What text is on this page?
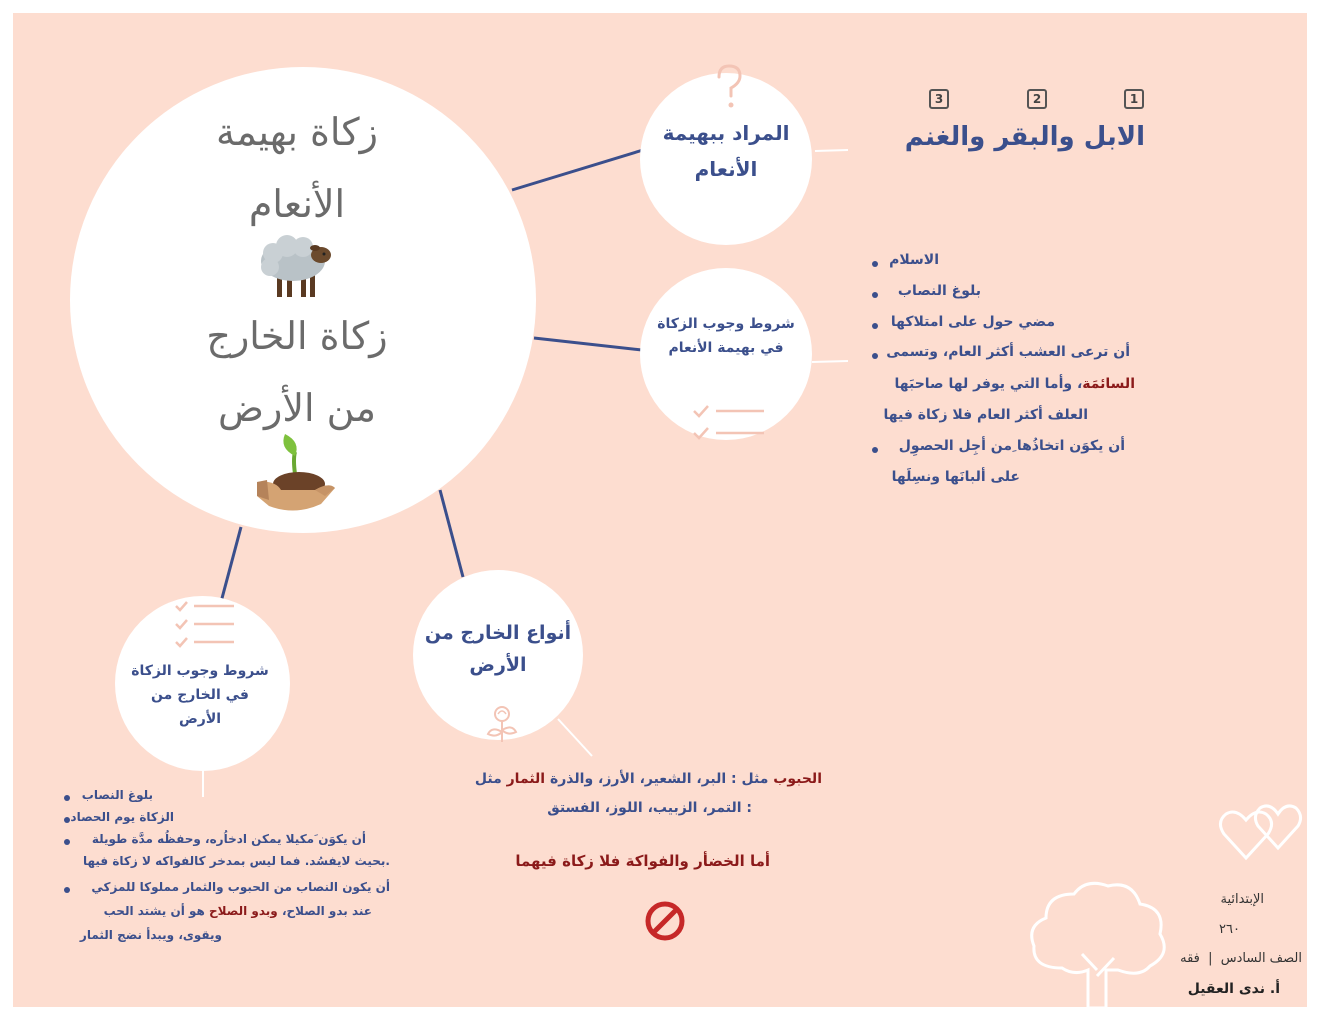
زكاة بهيمة
الأنعام
زكاة الخارج
من الأرض
المراد ببهيمة الأنعام
1
2
3
الابل والبقر والغنم
شروط وجوب الزكاة في بهيمة الأنعام
الاسلام
بلوغ النصاب
مضي حول على امتلاكها
أن ترعى العشب أكثر العام، وتسمى
السائمَة، وأما التي يوفر لها صاحبَها
العلف أكثر العام فلا زكاة فيها
أن يكوَن اتخاذُها ِمن أجِل الحصوِل
على ألبانَها ونسِلَها
أنواع الخارج من الأرض
الحبوب مثل : البر، الشعير، الأرز، والذرة الثمار مثل
: التمر، الزبيب، اللوز، الفستق
أما الخضأر والفواكة فلا زكاة فيهما
شروط وجوب الزكاة
في الخارج من
الأرض
بلوغ النصاب
الزكاة يوم الحصاد
أن يكوَن َمكيلا يمكن ادخاُره، وحفظُه مدَّة طويلة
.بحيث لايفسُد. فما ليس بمدخر كالفواكه لا زكاة فيها
أن يكون النصاب من الحبوب والثمار مملوكا للمزكي
عند بدو الصلاح، وبدو الصلاح هو أن يشتد الحب
ويقوى، ويبدأ نضج الثمار
الإبتدائية
٢٦٠
الصف السادس  |  فقه
أ. ندى العقيل
